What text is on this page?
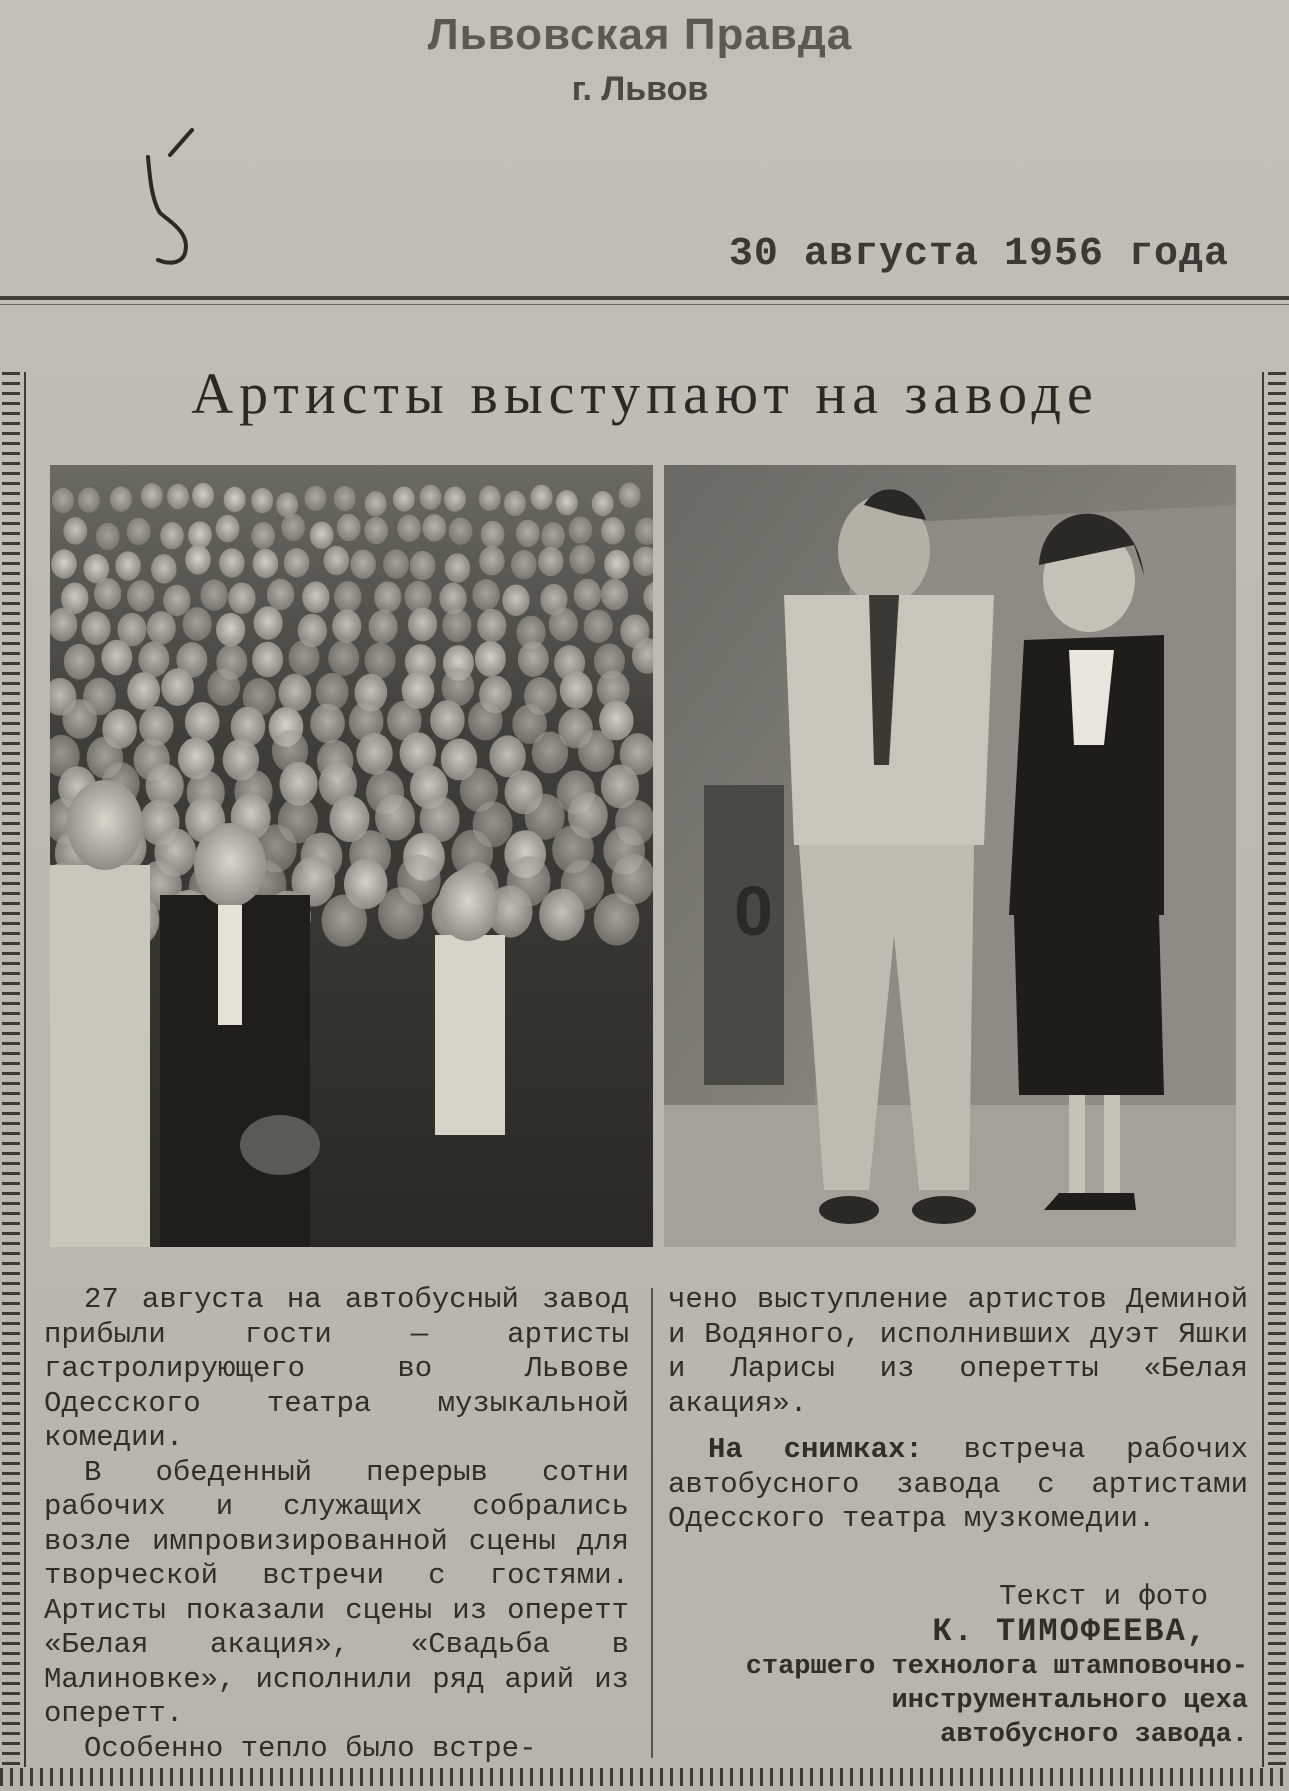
Львовская Правда
г. Львов
30 августа 1956 года
Артисты выступают на заводе
0

27 августа на автобусный завод прибыли гости — артисты гастролирующего во Львове Одесского театра музыкальной комедии.

В обеденный перерыв сотни рабочих и служащих собрались возле импровизированной сцены для творческой встречи с гостями. Артисты показали сцены из оперетт «Белая акация», «Свадьба в Малиновке», исполнили ряд арий из оперетт.

Особенно тепло было встре-

чено выступление артистов Деминой и Водяного, исполнивших дуэт Яшки и Ларисы из оперетты «Белая акация».

На снимках: встреча рабочих автобусного завода с артистами Одесского театра музкомедии.

Текст и фото
К. ТИМОФЕЕВА,
старшего технолога штамповочно-инструментального цеха автобусного завода.
